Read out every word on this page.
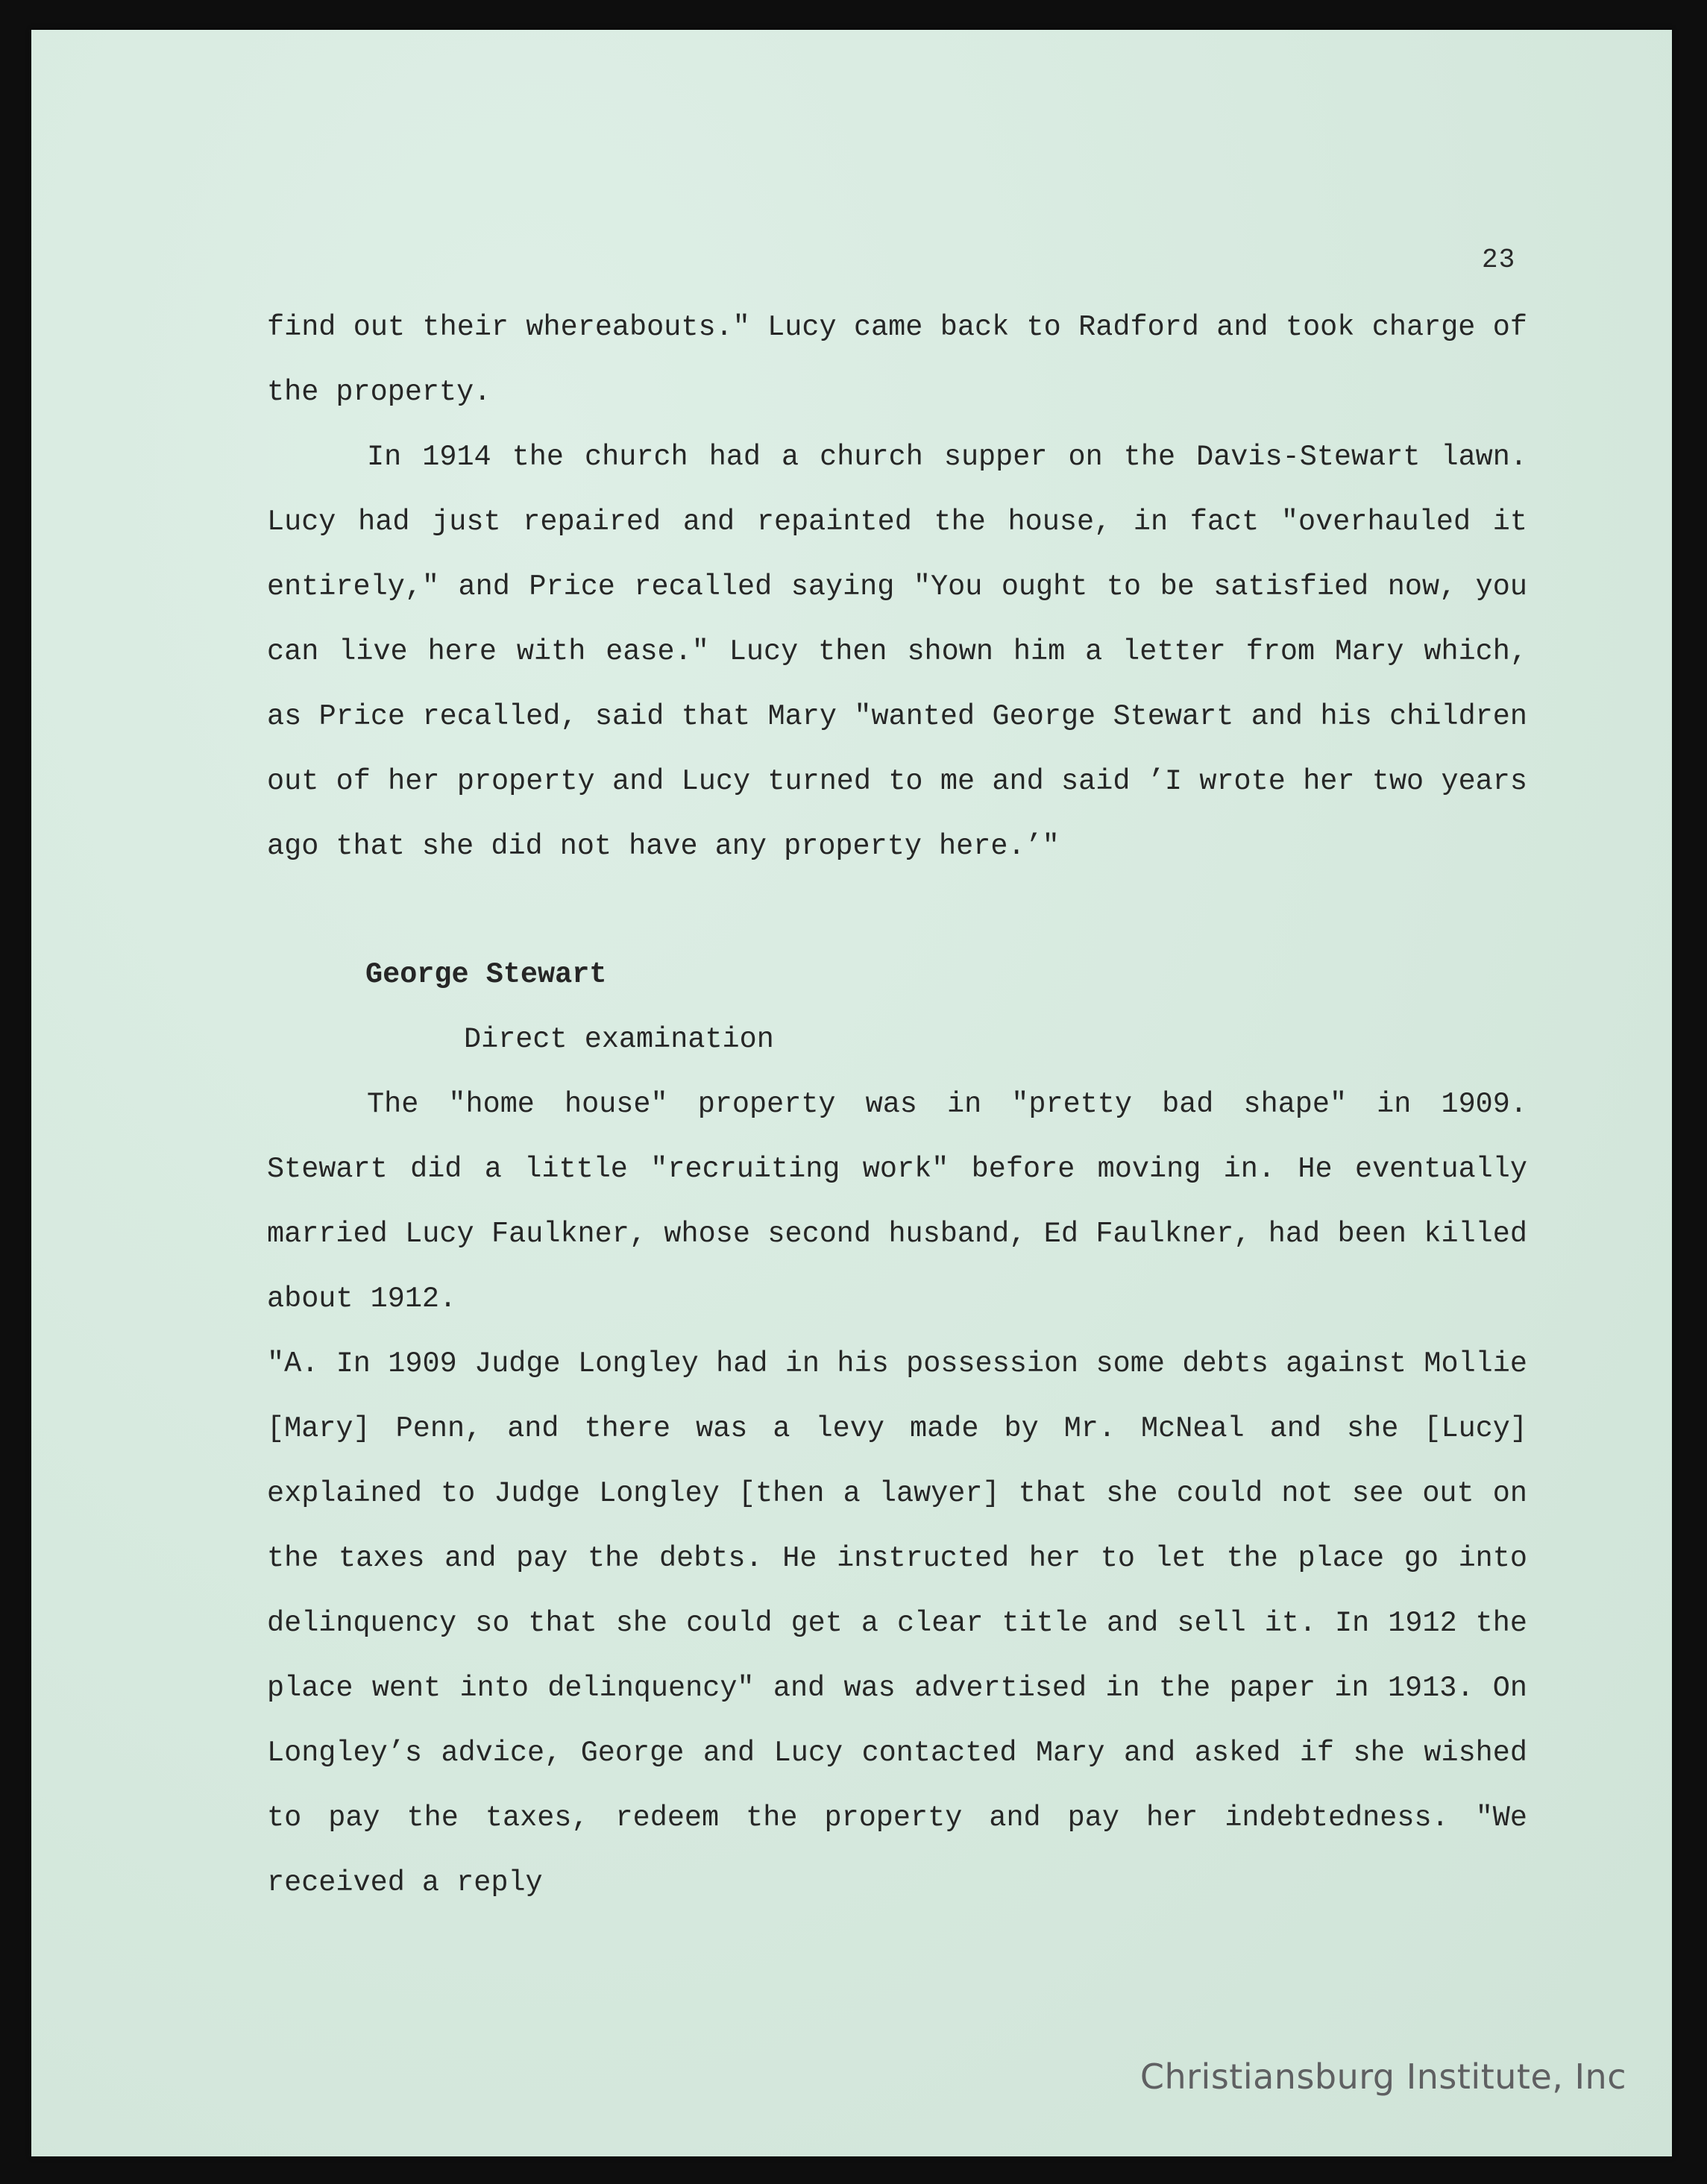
23

find out their whereabouts." Lucy came back to Radford and took charge of the property.

In 1914 the church had a church supper on the Davis-Stewart lawn. Lucy had just repaired and repainted the house, in fact "overhauled it entirely," and Price recalled saying "You ought to be satisfied now, you can live here with ease." Lucy then shown him a letter from Mary which, as Price recalled, said that Mary "wanted George Stewart and his children out of her property and Lucy turned to me and said ’I wrote her two years ago that she did not have any property here.’"

George Stewart

Direct examination

The "home house" property was in "pretty bad shape" in 1909. Stewart did a little "recruiting work" before moving in. He eventually married Lucy Faulkner, whose second husband, Ed Faulkner, had been killed about 1912.

"A. In 1909 Judge Longley had in his possession some debts against Mollie [Mary] Penn, and there was a levy made by Mr. McNeal and she [Lucy] explained to Judge Longley [then a lawyer] that she could not see out on the taxes and pay the debts. He instructed her to let the place go into delinquency so that she could get a clear title and sell it. In 1912 the place went into delinquency" and was advertised in the paper in 1913. On Longley’s advice, George and Lucy contacted Mary and asked if she wished to pay the taxes, redeem the property and pay her indebtedness. "We received a reply

Christiansburg Institute, Inc
